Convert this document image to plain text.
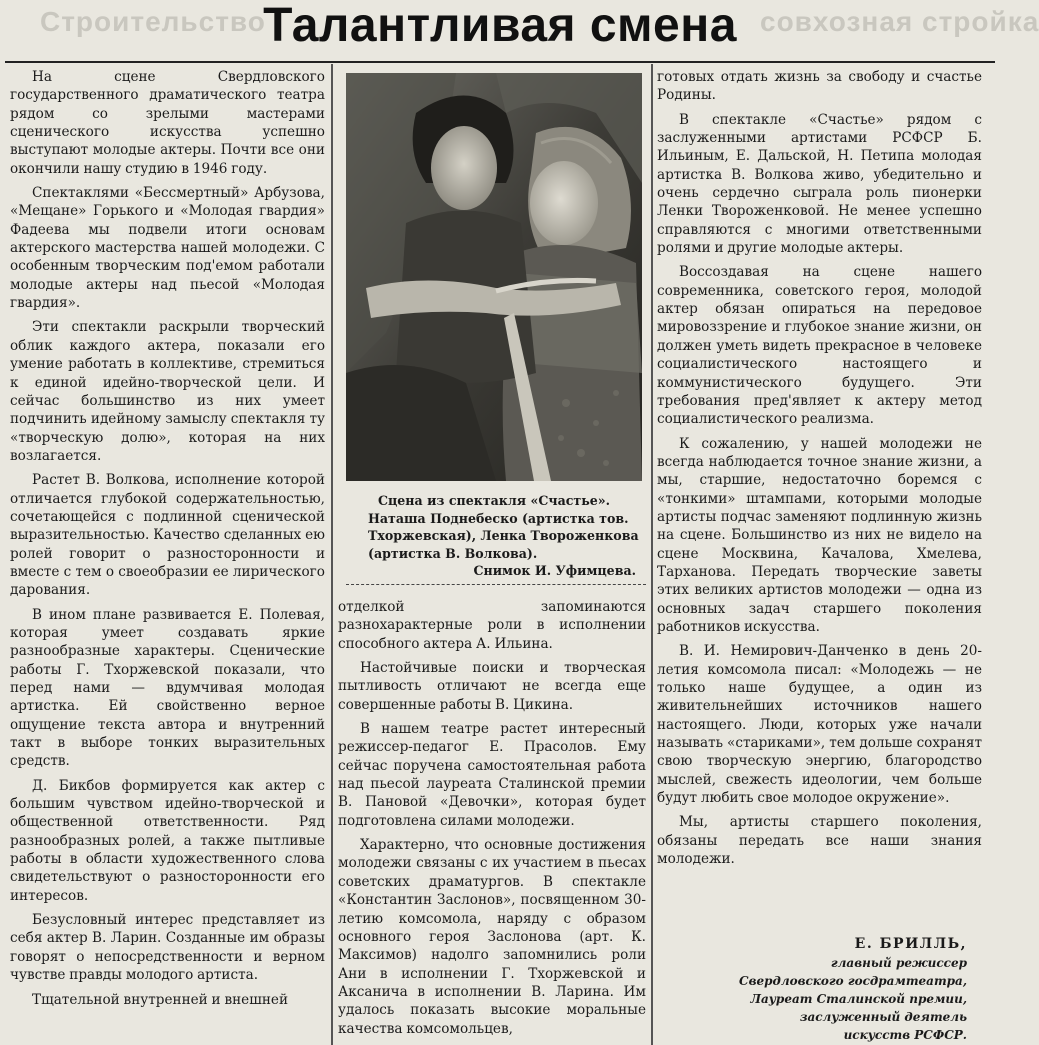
Строительство	совхозная стройка
Талантливая смена

На сцене Свердловского государственного драматического театра рядом со зрелыми мастерами сценического искусства успешно выступают молодые актеры. Почти все они окончили нашу студию в 1946 году.

Спектаклями «Бессмертный» Арбузова, «Мещане» Горького и «Молодая гвардия» Фадеева мы подвели итоги основам актерского мастерства нашей молодежи. С особенным творческим под'емом работали молодые актеры над пьесой «Молодая гвардия».

Эти спектакли раскрыли творческий облик каждого актера, показали его умение работать в коллективе, стремиться к единой идейно-творческой цели. И сейчас большинство из них умеет подчинить идейному замыслу спектакля ту «творческую долю», которая на них возлагается.

Растет В. Волкова, исполнение которой отличается глубокой содержательностью, сочетающейся с подлинной сценической выразительностью. Качество сделанных ею ролей говорит о разносторонности и вместе с тем о своеобразии ее лирического дарования.

В ином плане развивается Е. Полевая, которая умеет создавать яркие разнообразные характеры. Сценические работы Г. Тхоржевской показали, что перед нами — вдумчивая молодая артистка. Ей свойственно верное ощущение текста автора и внутренний такт в выборе тонких выразительных средств.

Д. Бикбов формируется как актер с большим чувством идейно-творческой и общественной ответственности. Ряд разнообразных ролей, а также пытливые работы в области художественного слова свидетельствуют о разносторонности его интересов.

Безусловный интерес представляет из себя актер В. Ларин. Созданные им образы говорят о непосредственности и верном чувстве правды молодого артиста.

Тщательной внутренней и внешней

Сцена из спектакля «Счастье».
Наташа Поднебеско (артистка тов. Тхоржевская), Ленка Твороженкова (артистка В. Волкова).
Снимок И. Уфимцева.

отделкой запоминаются разнохарактерные роли в исполнении способного актера А. Ильина.

Настойчивые поиски и творческая пытливость отличают не всегда еще совершенные работы В. Цикина.

В нашем театре растет интересный режиссер-педагог Е. Прасолов. Ему сейчас поручена самостоятельная работа над пьесой лауреата Сталинской премии В. Пановой «Девочки», которая будет подготовлена силами молодежи.

Характерно, что основные достижения молодежи связаны с их участием в пьесах советских драматургов. В спектакле «Константин Заслонов», посвященном 30-летию комсомола, наряду с образом основного героя Заслонова (арт. К. Максимов) надолго запомнились роли Ани в исполнении Г. Тхоржевской и Аксанича в исполнении В. Ларина. Им удалось показать высокие моральные качества комсомольцев,

готовых отдать жизнь за свободу и счастье Родины.

В спектакле «Счастье» рядом с заслуженными артистами РСФСР Б. Ильиным, Е. Дальской, Н. Петипа молодая артистка В. Волкова живо, убедительно и очень сердечно сыграла роль пионерки Ленки Твороженковой. Не менее успешно справляются с многими ответственными ролями и другие молодые актеры.

Воссоздавая на сцене нашего современника, советского героя, молодой актер обязан опираться на передовое мировоззрение и глубокое знание жизни, он должен уметь видеть прекрасное в человеке социалистического настоящего и коммунистического будущего. Эти требования пред'являет к актеру метод социалистического реализма.

К сожалению, у нашей молодежи не всегда наблюдается точное знание жизни, а мы, старшие, недостаточно боремся с «тонкими» штампами, которыми молодые артисты подчас заменяют подлинную жизнь на сцене. Большинство из них не видело на сцене Москвина, Качалова, Хмелева, Тарханова. Передать творческие заветы этих великих артистов молодежи — одна из основных задач старшего поколения работников искусства.

В. И. Немирович-Данченко в день 20-летия комсомола писал: «Молодежь — не только наше будущее, а один из живительнейших источников нашего настоящего. Люди, которых уже начали называть «стариками», тем дольше сохранят свою творческую энергию, благородство мыслей, свежесть идеологии, чем больше будут любить свое молодое окружение».

Мы, артисты старшего поколения, обязаны передать все наши знания молодежи.

Е. БРИЛЛЬ,
главный режиссер
Свердловского госдрамтеатра,
Лауреат Сталинской премии,
заслуженный деятель
искусств РСФСР.
